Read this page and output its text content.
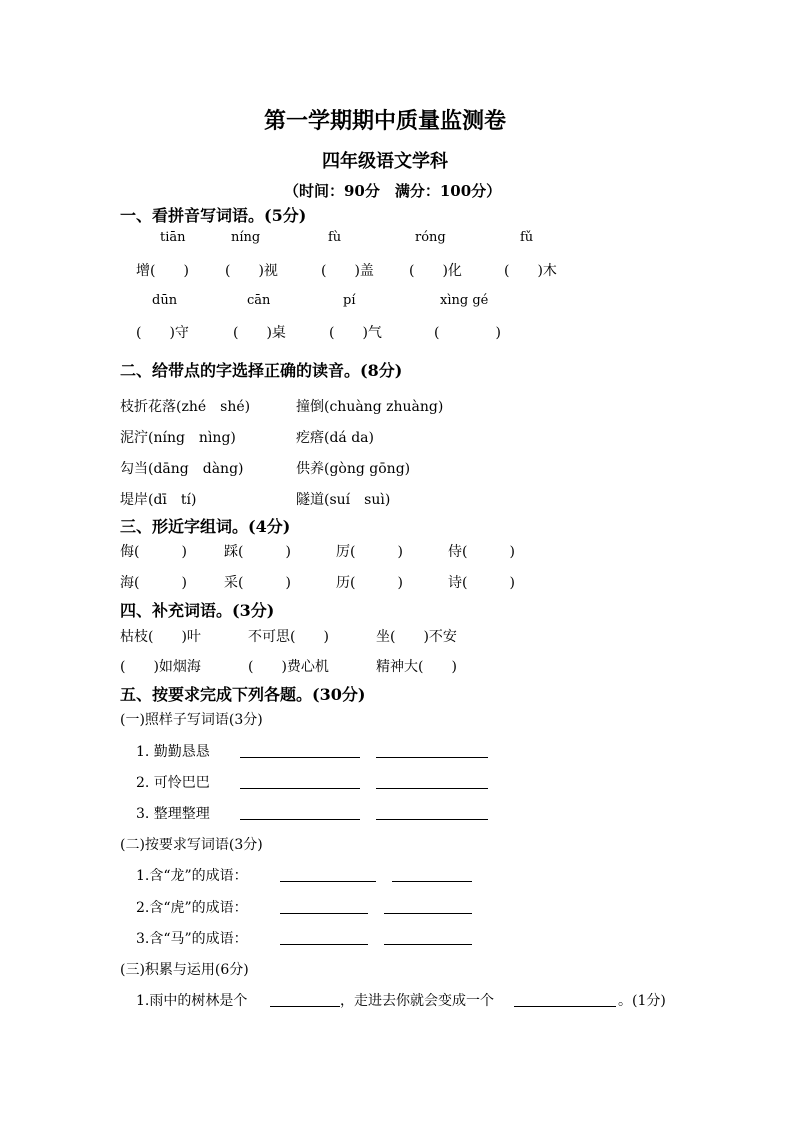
第一学期期中质量监测卷
四年级语文学科
（时间：90分　满分：100分）
一、看拼音写词语。(5分)
tiān	níng	fù	róng	fǔ
增(　　)	(　　)视	(　　)盖	(　　)化	(　　)木
dūn	cān	pí	xìng gé
(　　)守	(　　)桌	(　　)气	(　　　　)
二、给带点的字选择正确的读音。(8分)
枝折花落(zhé　shé)	撞倒(chuàng zhuàng)
泥泞(níng　nìng)	疙瘩(dá da)
勾当(dāng　dàng)	供养(gòng gōng)
堤岸(dī　tí)	隧道(suí　suì)
三、形近字组词。(4分)
侮(　　　)	踩(　　　)	厉(　　　)	侍(　　　)
海(　　　)	采(　　　)	历(　　　)	诗(　　　)
四、补充词语。(3分)
枯枝(　　)叶	不可思(　　)	坐(　　)不安
(　　)如烟海	(　　)费心机	精神大(　　)
五、按要求完成下列各题。(30分)
(一)照样子写词语(3分)
1. 勤勤恳恳
2. 可怜巴巴
3. 整理整理
(二)按要求写词语(3分)
1.含“龙”的成语：
2.含“虎”的成语：
3.含“马”的成语：
(三)积累与运用(6分)
1.雨中的树林是个	，走进去你就会变成一个	。(1分)
